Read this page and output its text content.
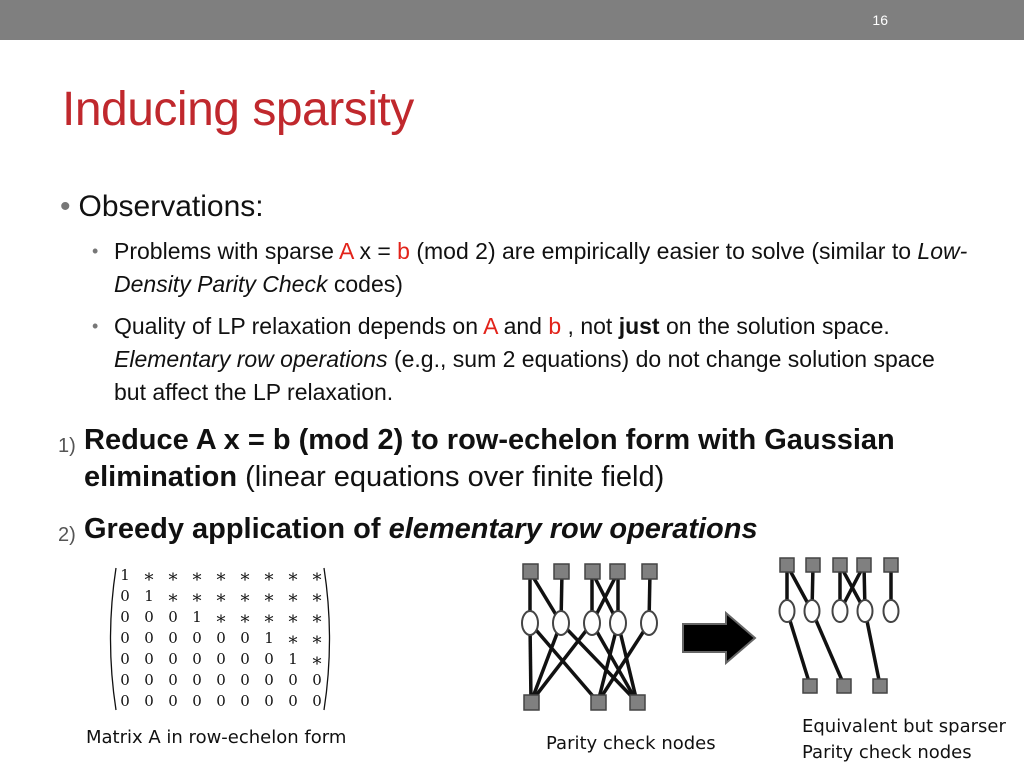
16
Inducing sparsity
• Observations:
• Problems with sparse A x = b (mod 2) are empirically easier to solve (similar to Low-Density Parity Check codes)
• Quality of LP relaxation depends on A and b , not just on the solution space. Elementary row operations (e.g., sum 2 equations) do not change solution space but affect the LP relaxation.
1) Reduce A x = b (mod 2) to row-echelon form with Gaussian elimination (linear equations over finite field)
2) Greedy application of elementary row operations
1 * * * * * * * *
0 1 * * * * * * *
0 0 0 1 * * * * *
0 0 0 0 0 0 1 * *
0 0 0 0 0 0 0 1 *
0 0 0 0 0 0 0 0 0
0 0 0 0 0 0 0 0 0
Matrix A in row-echelon form	Parity check nodes
Equivalent but sparser
Parity check nodes
